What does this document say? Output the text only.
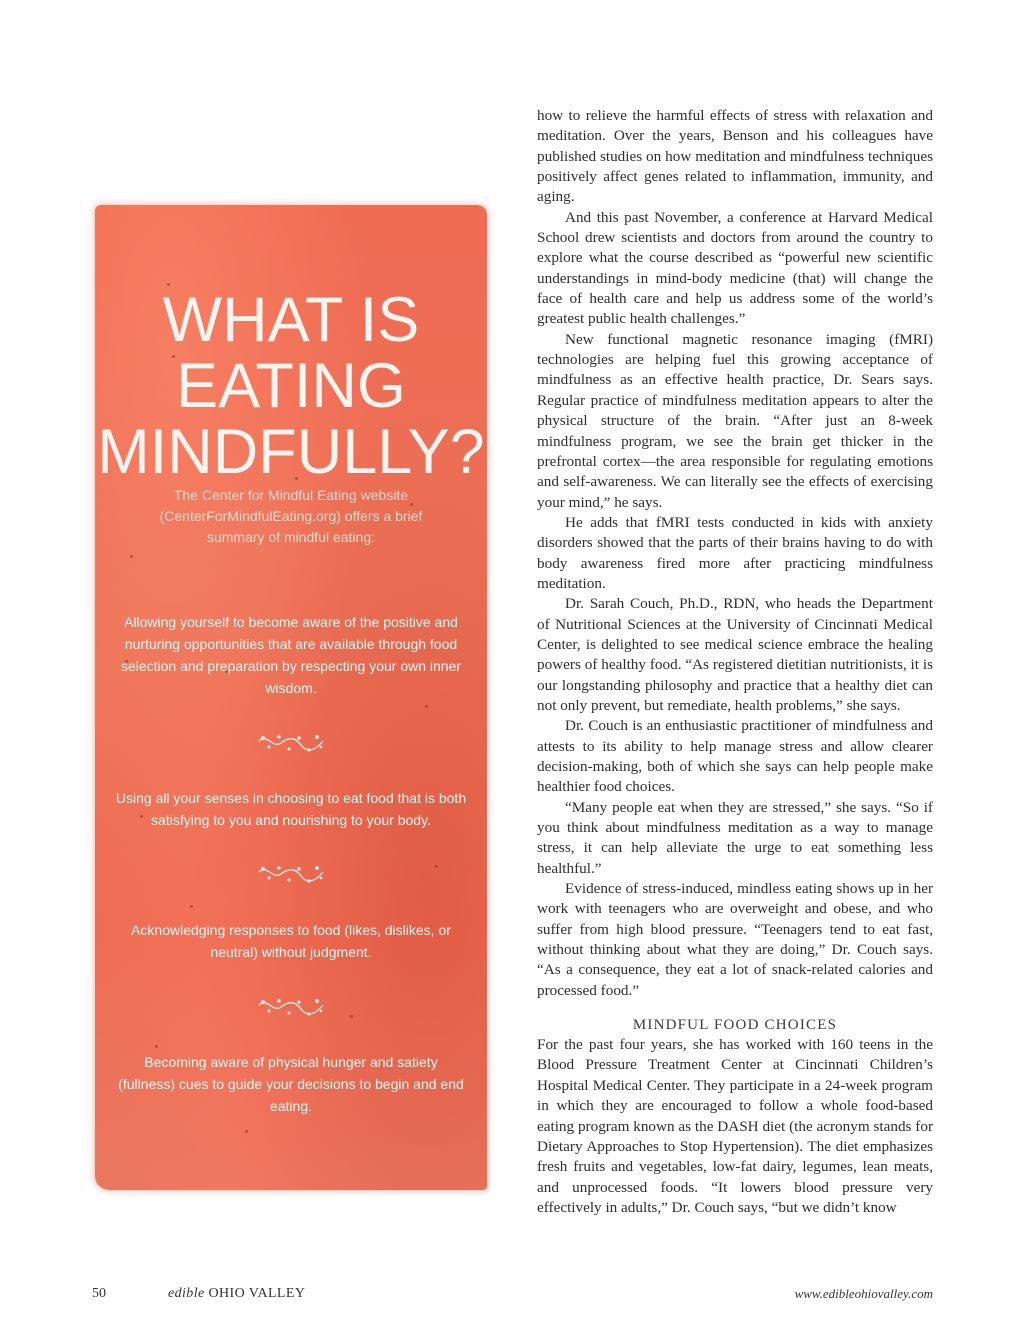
WHAT IS
EATING
MINDFULLY?

The Center for Mindful Eating website (CenterForMindfulEating.org) offers a brief summary of mindful eating:

Allowing yourself to become aware of the positive and nurturing opportunities that are available through food selection and preparation by respecting your own inner wisdom.

Using all your senses in choosing to eat food that is both satisfying to you and nourishing to your body.

Acknowledging responses to food (likes, dislikes, or neutral) without judgment.

Becoming aware of physical hunger and satiety (fullness) cues to guide your decisions to begin and end eating.

how to relieve the harmful effects of stress with relaxation and meditation. Over the years, Benson and his colleagues have published studies on how meditation and mindfulness techniques positively affect genes related to inflammation, immunity, and aging.

And this past November, a conference at Harvard Medical School drew scientists and doctors from around the country to explore what the course described as “powerful new scientific understandings in mind-body medicine (that) will change the face of health care and help us address some of the world’s greatest public health challenges.”

New functional magnetic resonance imaging (fMRI) technologies are helping fuel this growing acceptance of mindfulness as an effective health practice, Dr. Sears says. Regular practice of mindfulness meditation appears to alter the physical structure of the brain. “After just an 8-week mindfulness program, we see the brain get thicker in the prefrontal cortex—the area responsible for regulating emotions and self-awareness. We can literally see the effects of exercising your mind,” he says.

He adds that fMRI tests conducted in kids with anxiety disorders showed that the parts of their brains having to do with body awareness fired more after practicing mindfulness meditation.

Dr. Sarah Couch, Ph.D., RDN, who heads the Department of Nutritional Sciences at the University of Cincinnati Medical Center, is delighted to see medical science embrace the healing powers of healthy food. “As registered dietitian nutritionists, it is our longstanding philosophy and practice that a healthy diet can not only prevent, but remediate, health problems,” she says.

Dr. Couch is an enthusiastic practitioner of mindfulness and attests to its ability to help manage stress and allow clearer decision-making, both of which she says can help people make healthier food choices.

“Many people eat when they are stressed,” she says. “So if you think about mindfulness meditation as a way to manage stress, it can help alleviate the urge to eat something less healthful.”

Evidence of stress-induced, mindless eating shows up in her work with teenagers who are overweight and obese, and who suffer from high blood pressure. “Teenagers tend to eat fast, without thinking about what they are doing,” Dr. Couch says. “As a consequence, they eat a lot of snack-related calories and processed food.”

MINDFUL FOOD CHOICES

For the past four years, she has worked with 160 teens in the Blood Pressure Treatment Center at Cincinnati Children’s Hospital Medical Center. They participate in a 24-week program in which they are encouraged to follow a whole food-based eating program known as the DASH diet (the acronym stands for Dietary Approaches to Stop Hypertension). The diet emphasizes fresh fruits and vegetables, low-fat dairy, legumes, lean meats, and unprocessed foods. “It lowers blood pressure very effectively in adults,” Dr. Couch says, “but we didn’t know

50	edible OHIO VALLEY	www.edibleohiovalley.com
